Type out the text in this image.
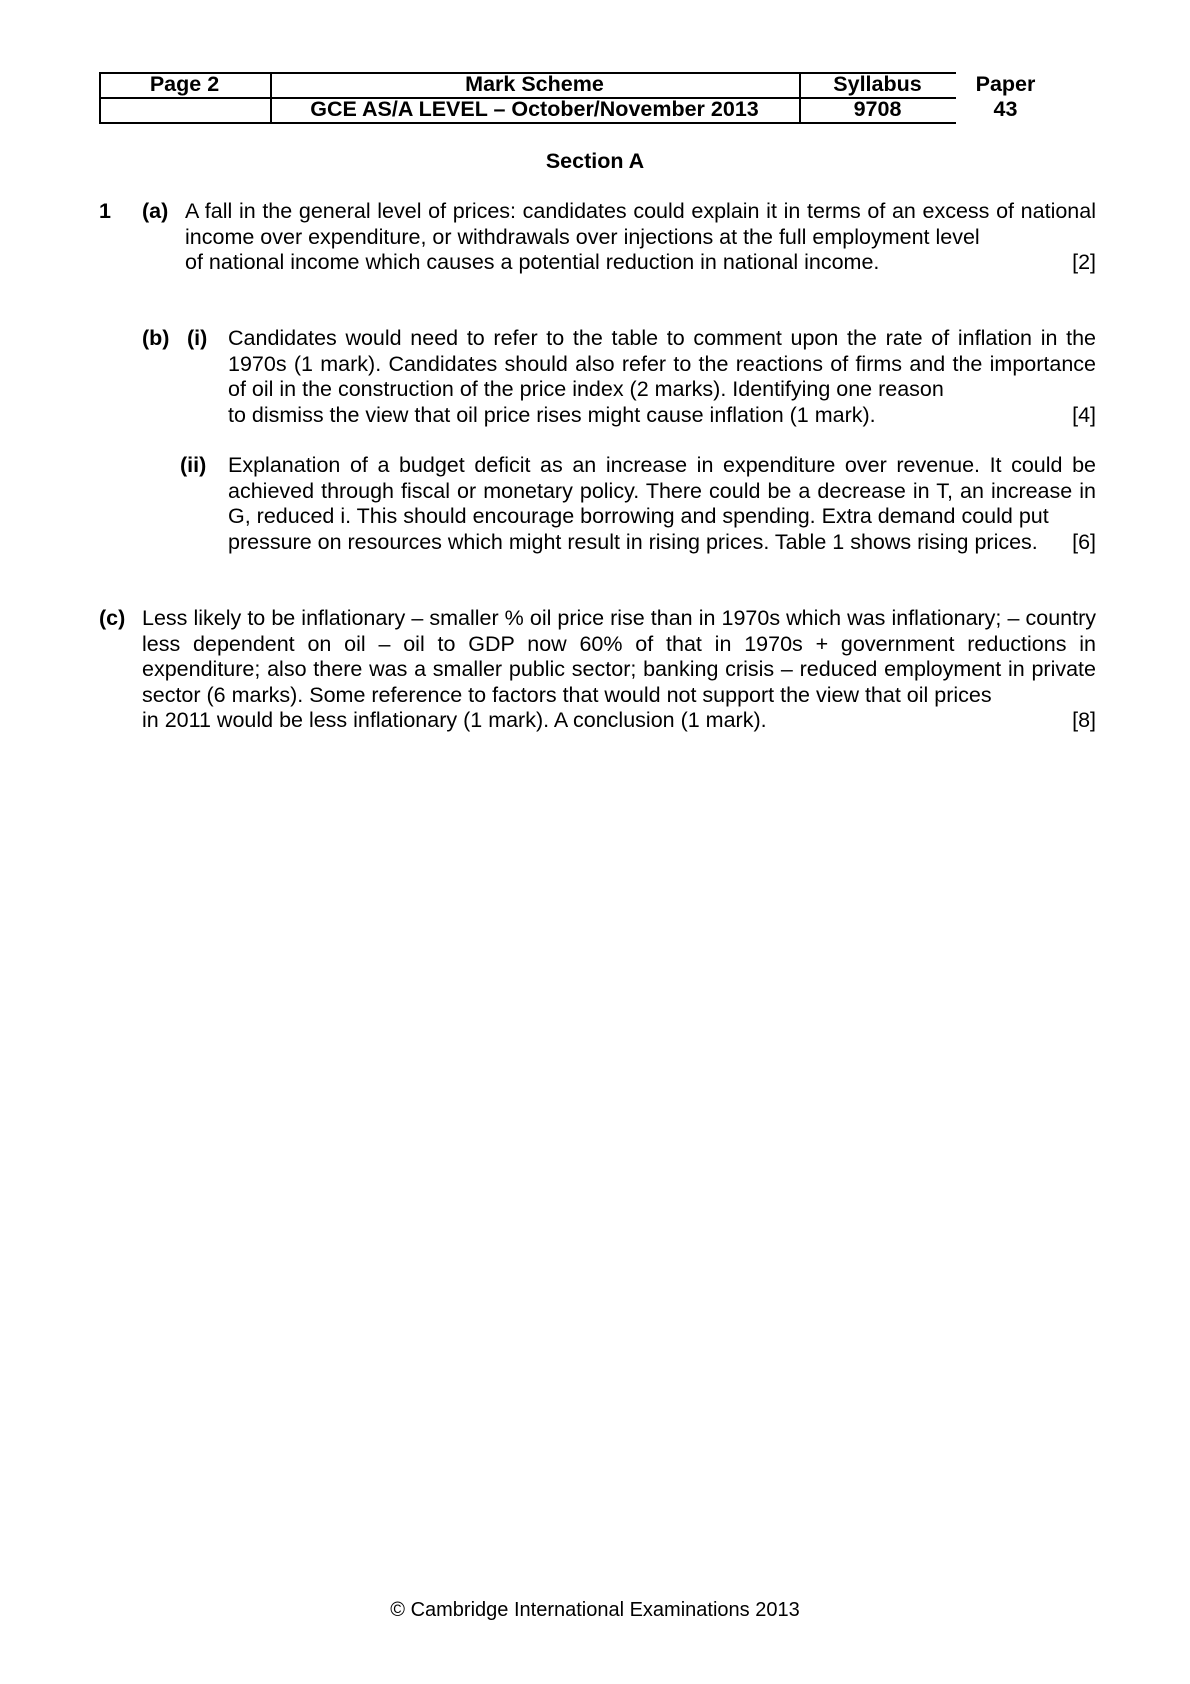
Page 2	Mark Scheme
GCE AS/A LEVEL – October/November 2013
Syllabus
9708
Paper
43
Section A
1 (a) A fall in the general level of prices: candidates could explain it in terms of an excess of national income over expenditure, or withdrawals over injections at the full employment level
of national income which causes a potential reduction in national income.	[2]
(b) (i) Candidates would need to refer to the table to comment upon the rate of inflation in the 1970s (1 mark). Candidates should also refer to the reactions of firms and the importance of oil in the construction of the price index (2 marks). Identifying one reason
to dismiss the view that oil price rises might cause inflation (1 mark).	[4]
(ii) Explanation of a budget deficit as an increase in expenditure over revenue. It could be achieved through fiscal or monetary policy. There could be a decrease in T, an increase in G, reduced i. This should encourage borrowing and spending. Extra demand could put
pressure on resources which might result in rising prices. Table 1 shows rising prices. [6]
(c) Less likely to be inflationary – smaller % oil price rise than in 1970s which was inflationary; – country less dependent on oil – oil to GDP now 60% of that in 1970s + government reductions in expenditure; also there was a smaller public sector; banking crisis – reduced employment in private sector (6 marks). Some reference to factors that would not support the view that oil prices
in 2011 would be less inflationary (1 mark). A conclusion (1 mark).	[8]
© Cambridge International Examinations 2013
